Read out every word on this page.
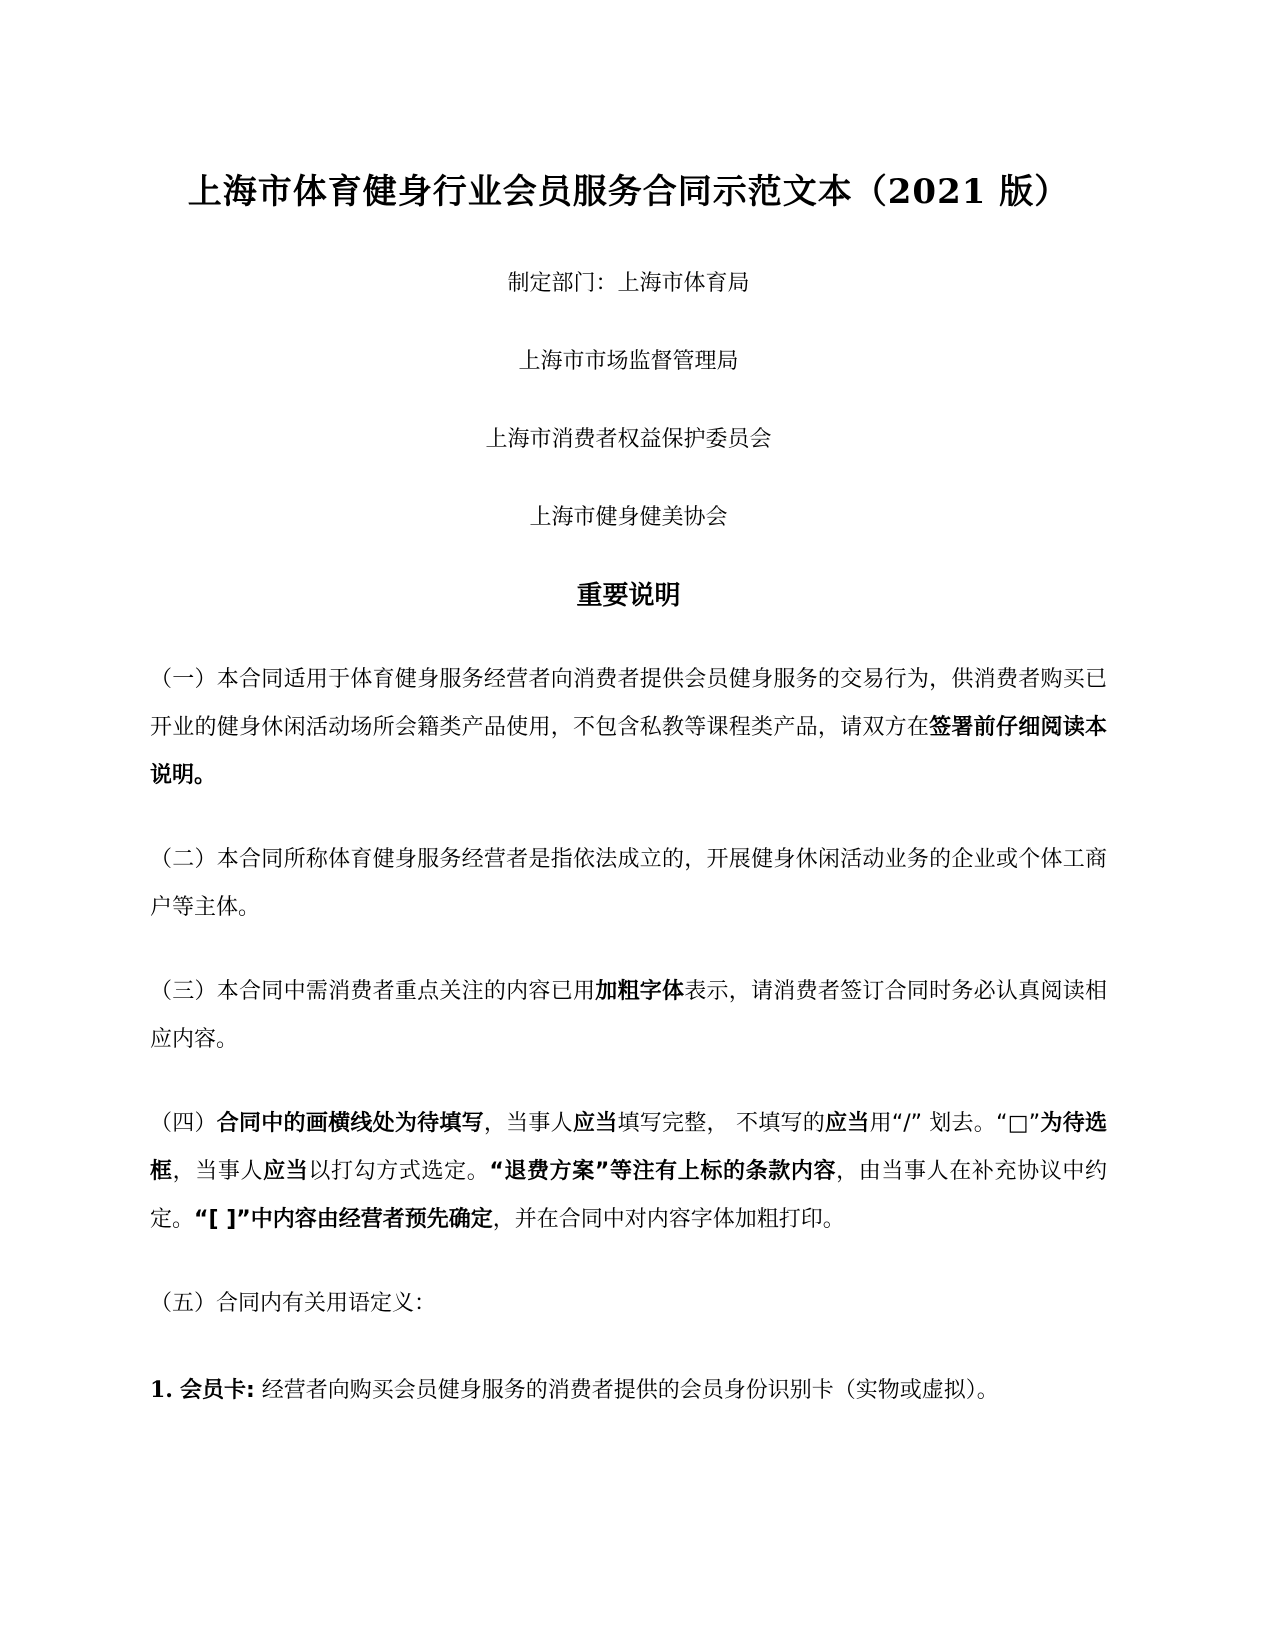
上海市体育健身行业会员服务合同示范文本（2021 版）
制定部门：上海市体育局
上海市市场监督管理局
上海市消费者权益保护委员会
上海市健身健美协会
重要说明

（一）本合同适用于体育健身服务经营者向消费者提供会员健身服务的交易行为，供消费者购买已开业的健身休闲活动场所会籍类产品使用，不包含私教等课程类产品，请双方在签署前仔细阅读本说明。

（二）本合同所称体育健身服务经营者是指依法成立的，开展健身休闲活动业务的企业或个体工商户等主体。

（三）本合同中需消费者重点关注的内容已用加粗字体表示，请消费者签订合同时务必认真阅读相应内容。

（四）合同中的画横线处为待填写，当事人应当填写完整， 不填写的应当用“/” 划去。“□”为待选框，当事人应当以打勾方式选定。“退费方案”等注有上标的条款内容，由当事人在补充协议中约定。“[ ]”中内容由经营者预先确定，并在合同中对内容字体加粗打印。

（五）合同内有关用语定义：

1. 会员卡: 经营者向购买会员健身服务的消费者提供的会员身份识别卡（实物或虚拟）。
